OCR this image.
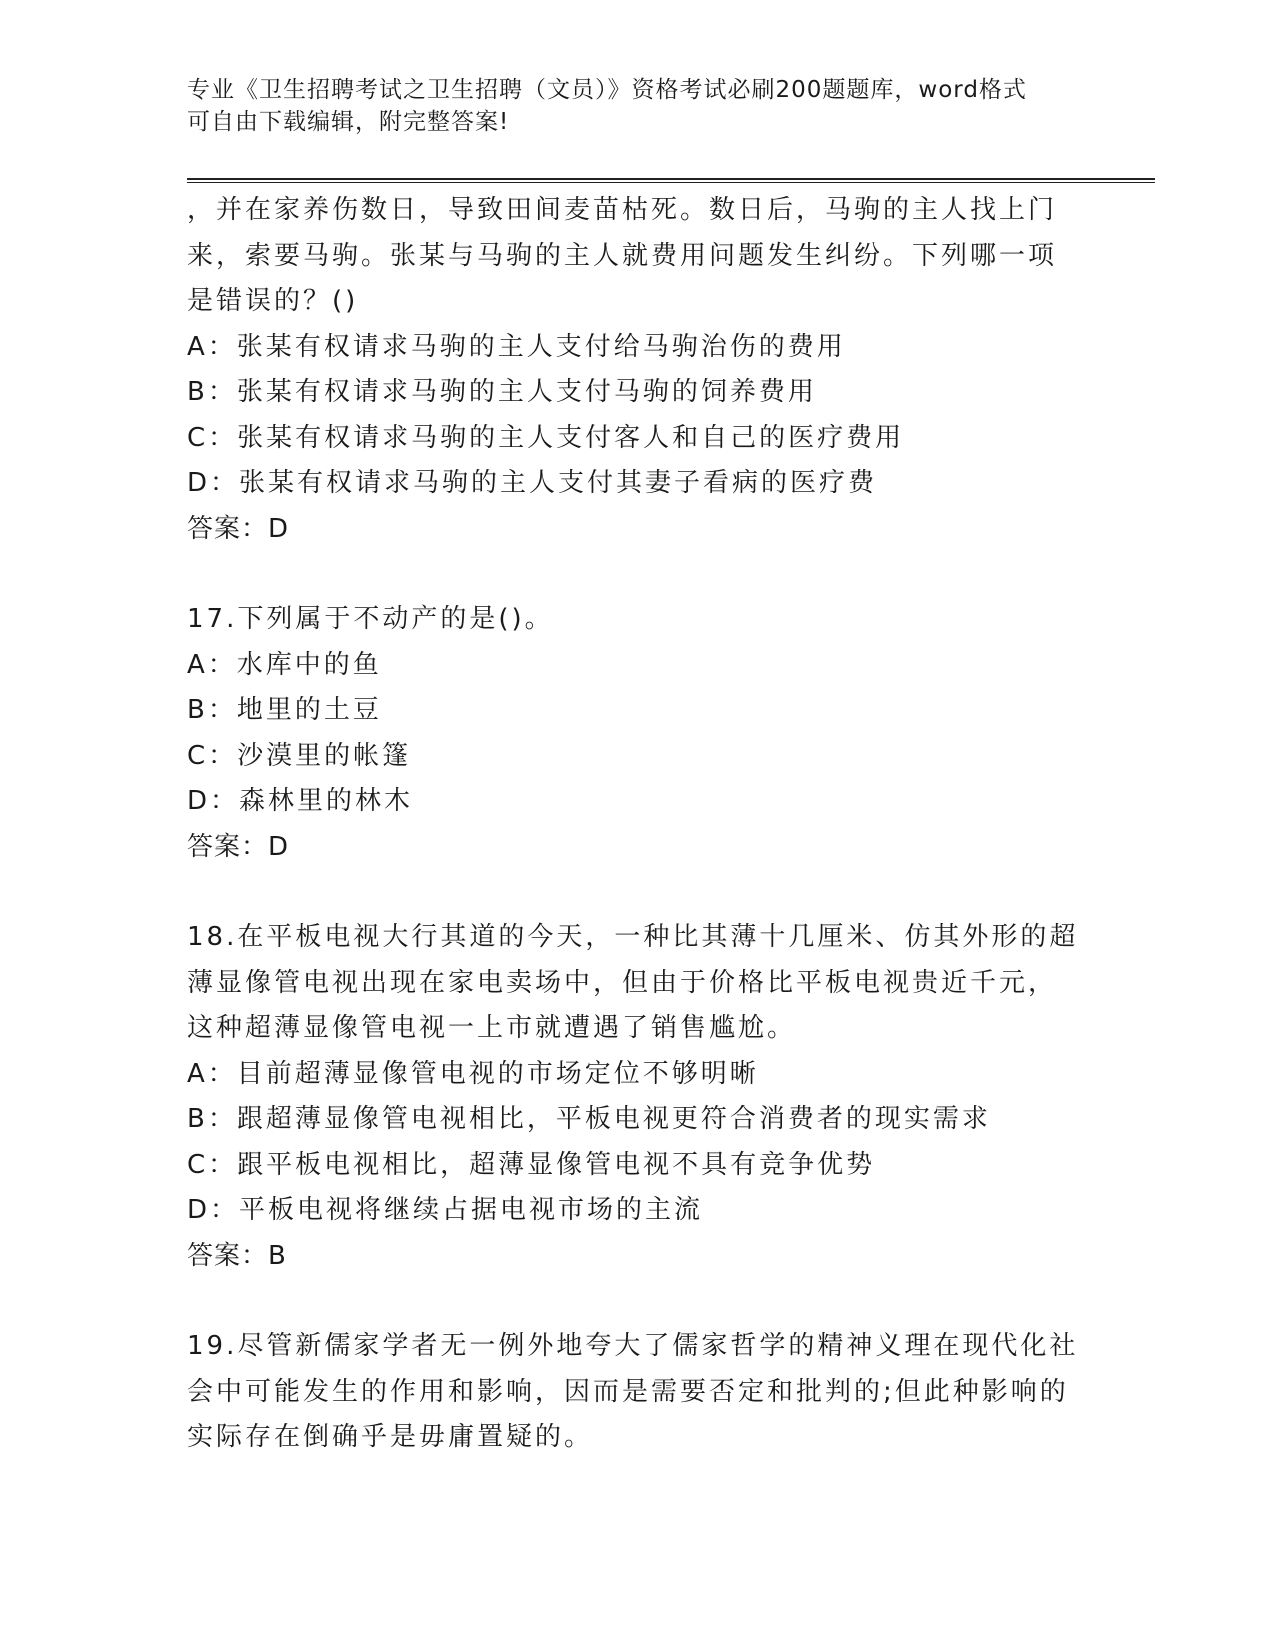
专业《卫生招聘考试之卫生招聘（文员）》资格考试必刷200题题库，word格式
可自由下载编辑，附完整答案!
，并在家养伤数日，导致田间麦苗枯死。数日后，马驹的主人找上门
来，索要马驹。张某与马驹的主人就费用问题发生纠纷。下列哪一项
是错误的？()
A：张某有权请求马驹的主人支付给马驹治伤的费用
B：张某有权请求马驹的主人支付马驹的饲养费用
C：张某有权请求马驹的主人支付客人和自己的医疗费用
D：张某有权请求马驹的主人支付其妻子看病的医疗费
答案：D
17.下列属于不动产的是()。
A：水库中的鱼
B：地里的土豆
C：沙漠里的帐篷
D：森林里的林木
答案：D
18.在平板电视大行其道的今天，一种比其薄十几厘米、仿其外形的超
薄显像管电视出现在家电卖场中，但由于价格比平板电视贵近千元，
这种超薄显像管电视一上市就遭遇了销售尴尬。
A：目前超薄显像管电视的市场定位不够明晰
B：跟超薄显像管电视相比，平板电视更符合消费者的现实需求
C：跟平板电视相比，超薄显像管电视不具有竞争优势
D：平板电视将继续占据电视市场的主流
答案：B
19.尽管新儒家学者无一例外地夸大了儒家哲学的精神义理在现代化社
会中可能发生的作用和影响，因而是需要否定和批判的;但此种影响的
实际存在倒确乎是毋庸置疑的。
